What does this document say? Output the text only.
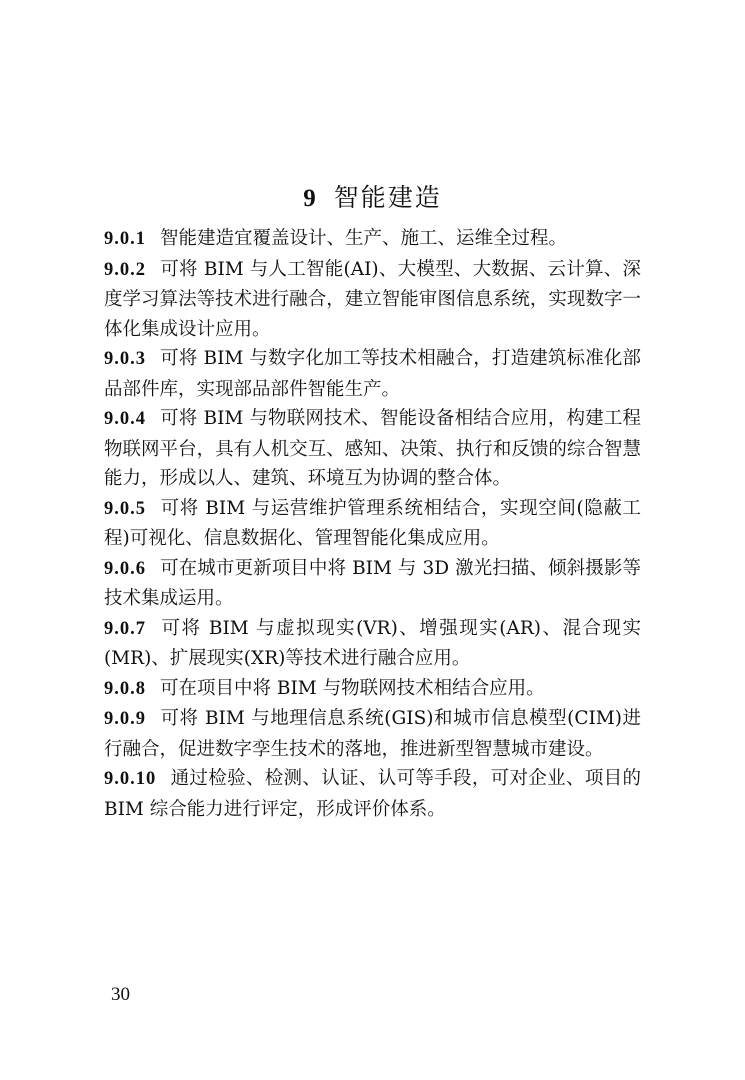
9 智能建造

9.0.1 智能建造宜覆盖设计、生产、施工、运维全过程。

9.0.2 可将 BIM 与人工智能(AI)、大模型、大数据、云计算、深度学习算法等技术进行融合，建立智能审图信息系统，实现数字一体化集成设计应用。

9.0.3 可将 BIM 与数字化加工等技术相融合，打造建筑标准化部品部件库，实现部品部件智能生产。

9.0.4 可将 BIM 与物联网技术、智能设备相结合应用，构建工程物联网平台，具有人机交互、感知、决策、执行和反馈的综合智慧能力，形成以人、建筑、环境互为协调的整合体。

9.0.5 可将 BIM 与运营维护管理系统相结合，实现空间(隐蔽工程)可视化、信息数据化、管理智能化集成应用。

9.0.6 可在城市更新项目中将 BIM 与 3D 激光扫描、倾斜摄影等技术集成运用。

9.0.7 可将 BIM 与虚拟现实(VR)、增强现实(AR)、混合现实(MR)、扩展现实(XR)等技术进行融合应用。

9.0.8 可在项目中将 BIM 与物联网技术相结合应用。

9.0.9 可将 BIM 与地理信息系统(GIS)和城市信息模型(CIM)进行融合，促进数字孪生技术的落地，推进新型智慧城市建设。

9.0.10 通过检验、检测、认证、认可等手段，可对企业、项目的 BIM 综合能力进行评定，形成评价体系。

30
